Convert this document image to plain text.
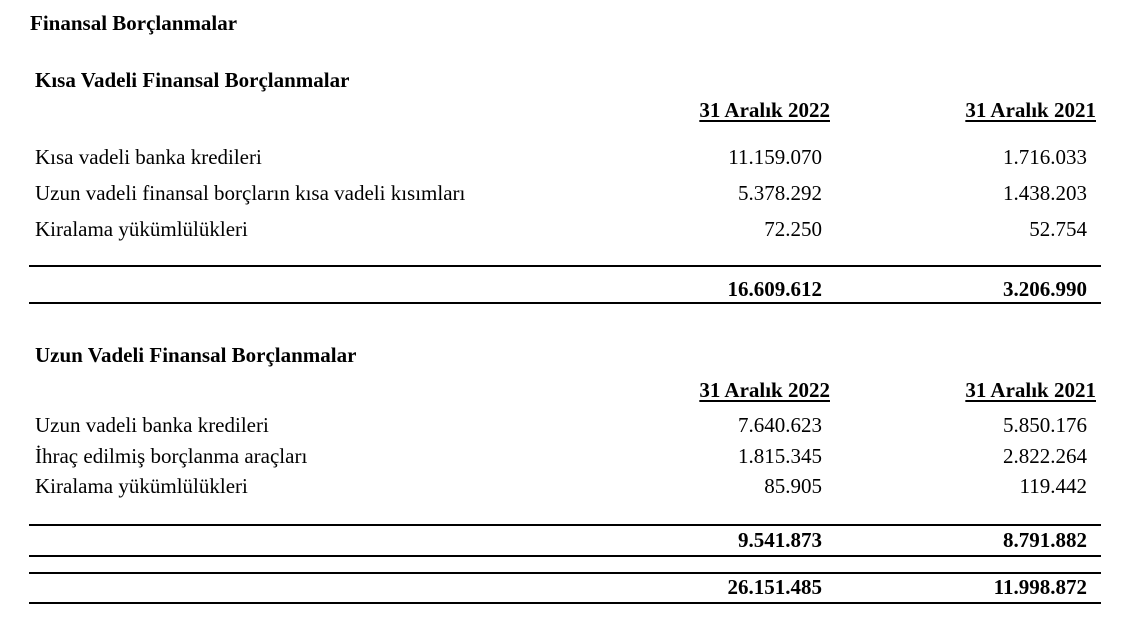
Finansal Borçlanmalar
Kısa Vadeli Finansal Borçlanmalar
31 Aralık 2022	31 Aralık 2021
Kısa vadeli banka kredileri	11.159.070	1.716.033
Uzun vadeli finansal borçların kısa vadeli kısımları	5.378.292	1.438.203
Kiralama yükümlülükleri	72.250	52.754
16.609.612	3.206.990
Uzun Vadeli Finansal Borçlanmalar
31 Aralık 2022	31 Aralık 2021
Uzun vadeli banka kredileri	7.640.623	5.850.176
İhraç edilmiş borçlanma araçları	1.815.345	2.822.264
Kiralama yükümlülükleri	85.905	119.442
9.541.873	8.791.882
26.151.485	11.998.872
